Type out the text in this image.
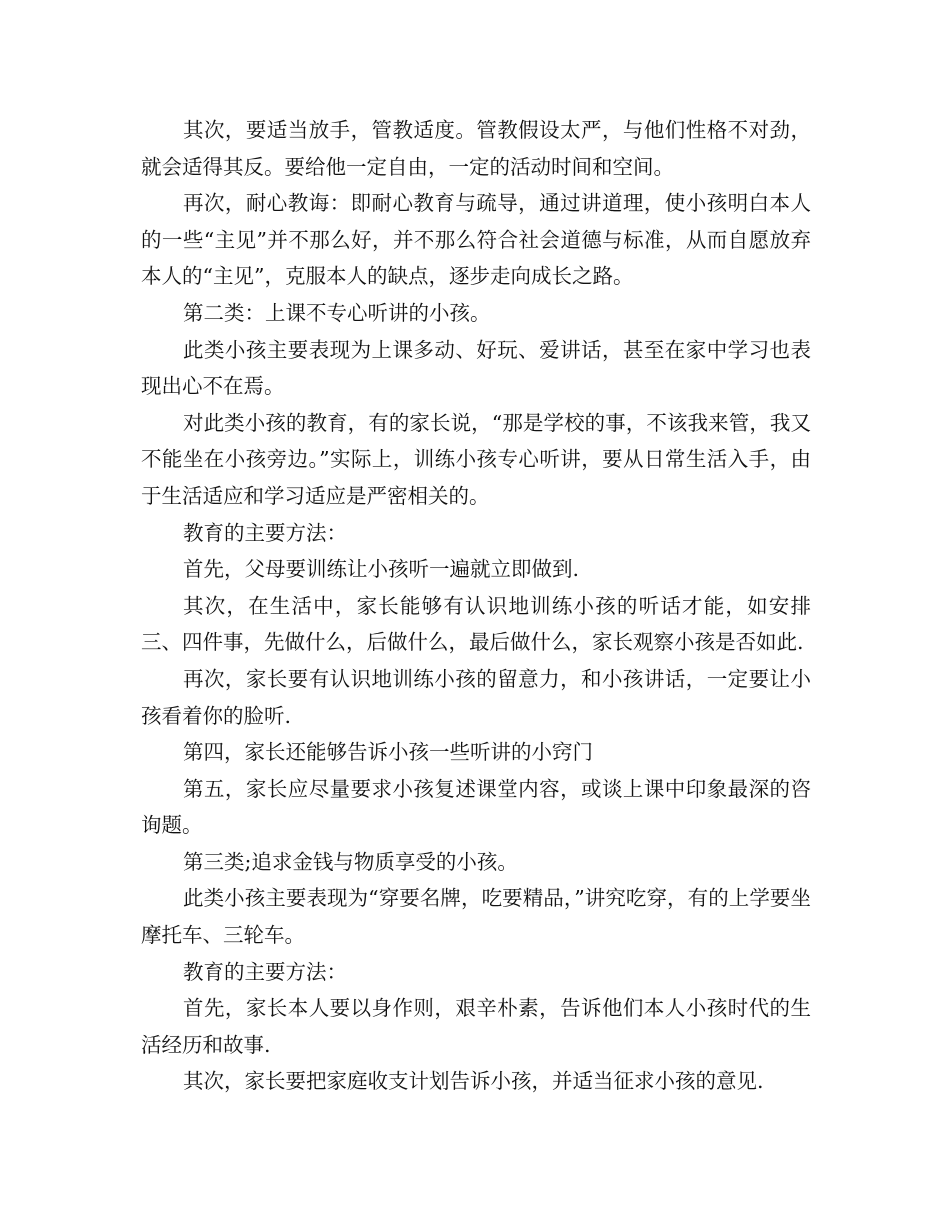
其次，要适当放手，管教适度。管教假设太严，与他们性格不对劲，就会适得其反。要给他一定自由，一定的活动时间和空间。

再次，耐心教诲：即耐心教育与疏导，通过讲道理，使小孩明白本人的一些“主见”并不那么好，并不那么符合社会道德与标准，从而自愿放弃本人的“主见”，克服本人的缺点，逐步走向成长之路。

第二类：上课不专心听讲的小孩。

此类小孩主要表现为上课多动、好玩、爱讲话，甚至在家中学习也表现出心不在焉。

对此类小孩的教育，有的家长说，“那是学校的事，不该我来管，我又不能坐在小孩旁边。”实际上，训练小孩专心听讲，要从日常生活入手，由于生活适应和学习适应是严密相关的。

教育的主要方法：

首先，父母要训练让小孩听一遍就立即做到.

其次，在生活中，家长能够有认识地训练小孩的听话才能，如安排三、四件事，先做什么，后做什么，最后做什么，家长观察小孩是否如此.

再次，家长要有认识地训练小孩的留意力，和小孩讲话，一定要让小孩看着你的脸听.

第四，家长还能够告诉小孩一些听讲的小窍门

第五，家长应尽量要求小孩复述课堂内容，或谈上课中印象最深的咨询题。

第三类;追求金钱与物质享受的小孩。

此类小孩主要表现为“穿要名牌，吃要精品，”讲究吃穿，有的上学要坐摩托车、三轮车。

教育的主要方法：

首先，家长本人要以身作则，艰辛朴素，告诉他们本人小孩时代的生活经历和故事.

其次，家长要把家庭收支计划告诉小孩，并适当征求小孩的意见.
